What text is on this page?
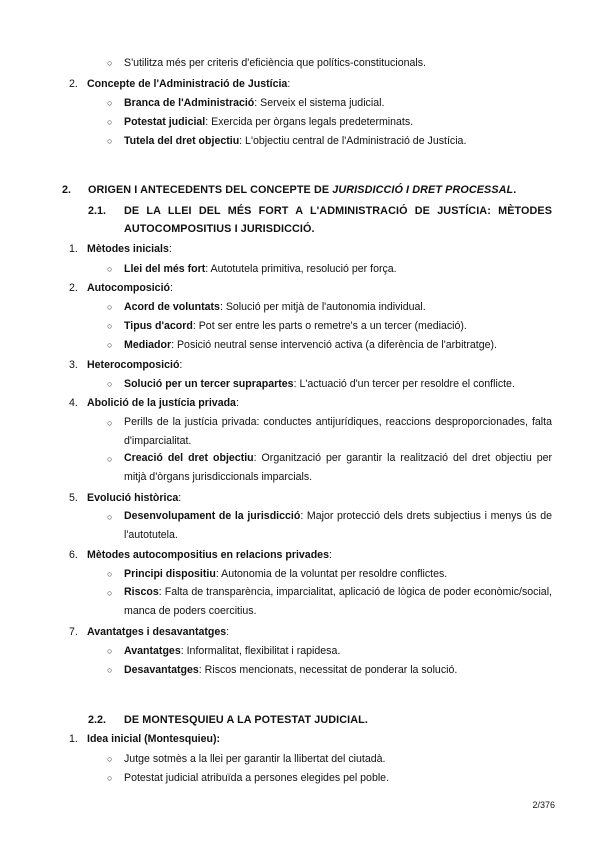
○ S'utilitza més per criteris d'eficiència que polítics-constitucionals.
2. Concepte de l'Administració de Justícia:
○ Branca de l'Administració: Serveix el sistema judicial.
○ Potestat judicial: Exercida per òrgans legals predeterminats.
○ Tutela del dret objectiu: L'objectiu central de l'Administració de Justícia.
2. ORIGEN I ANTECEDENTS DEL CONCEPTE DE JURISDICCIÓ I DRET PROCESSAL.
2.1. DE LA LLEI DEL MÉS FORT A L'ADMINISTRACIÓ DE JUSTÍCIA: MÈTODES
AUTOCOMPOSITIUS I JURISDICCIÓ.
1. Mètodes inicials:
○ Llei del més fort: Autotutela primitiva, resolució per força.
2. Autocomposició:
○ Acord de voluntats: Solució per mitjà de l'autonomia individual.
○ Tipus d'acord: Pot ser entre les parts o remetre's a un tercer (mediació).
○ Mediador: Posició neutral sense intervenció activa (a diferència de l'arbitratge).
3. Heterocomposició:
○ Solució per un tercer suprapartes: L'actuació d'un tercer per resoldre el conflicte.
4. Abolició de la justícia privada:
○ Perills de la justícia privada: conductes antijurídiques, reaccions desproporcionades, falta d'imparcialitat.
○ Creació del dret objectiu: Organització per garantir la realització del dret objectiu per mitjà d'òrgans jurisdiccionals imparcials.
5. Evolució històrica:
○ Desenvolupament de la jurisdicció: Major protecció dels drets subjectius i menys ús de l'autotutela.
6. Mètodes autocompositius en relacions privades:
○ Principi dispositiu: Autonomia de la voluntat per resoldre conflictes.
○ Riscos: Falta de transparència, imparcialitat, aplicació de lògica de poder econòmic/social, manca de poders coercitius.
7. Avantatges i desavantatges:
○ Avantatges: Informalitat, flexibilitat i rapidesa.
○ Desavantatges: Riscos mencionats, necessitat de ponderar la solució.
2.2. DE MONTESQUIEU A LA POTESTAT JUDICIAL.
1. Idea inicial (Montesquieu):
○ Jutge sotmès a la llei per garantir la llibertat del ciutadà.
○ Potestat judicial atribuïda a persones elegides pel poble.
2/376
